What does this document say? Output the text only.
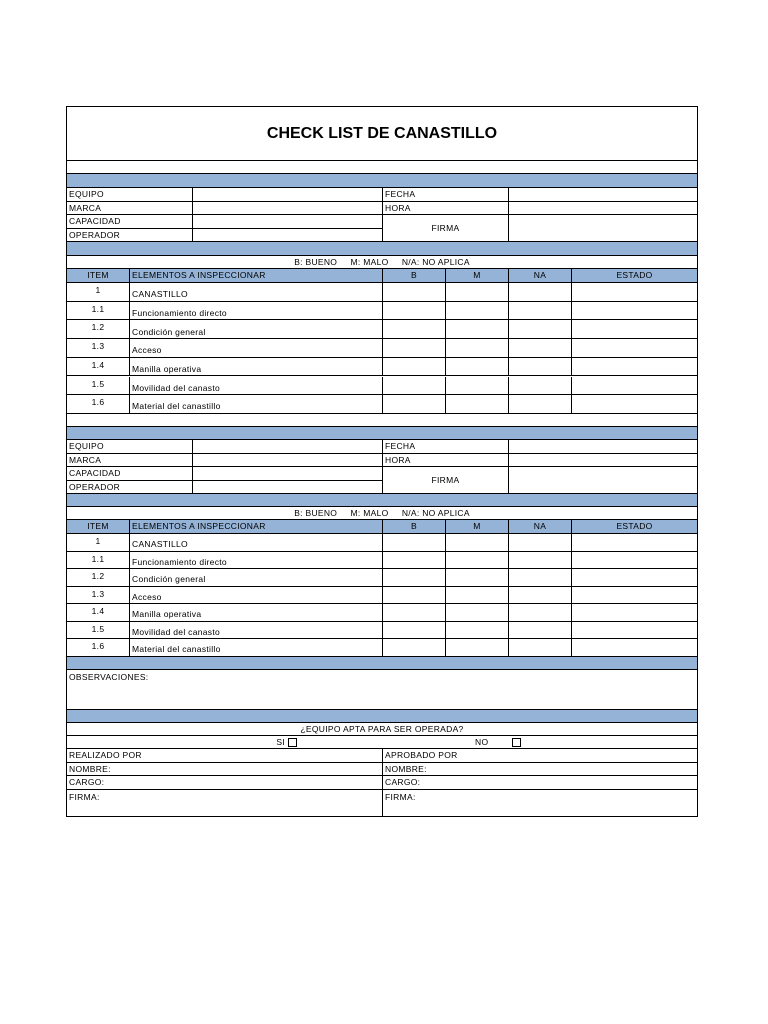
CHECK LIST DE CANASTILLO
EQUIPO	FECHA
MARCA	HORA
CAPACIDAD
OPERADOR
FIRMA
B: BUENO     M: MALO     N/A: NO APLICA
ITEM	ELEMENTOS A INSPECCIONAR	B	M	NA	ESTADO
1	CANASTILLO
1.1	Funcionamiento directo
1.2	Condición general
1.3	Acceso
1.4	Manilla operativa
1.5	Movilidad del canasto
1.6	Material del canastillo
EQUIPO	FECHA
MARCA	HORA
CAPACIDAD
OPERADOR
FIRMA
B: BUENO     M: MALO     N/A: NO APLICA
ITEM	ELEMENTOS A INSPECCIONAR	B	M	NA	ESTADO
1	CANASTILLO
1.1	Funcionamiento directo
1.2	Condición general
1.3	Acceso
1.4	Manilla operativa
1.5	Movilidad del canasto
1.6	Material del canastillo
OBSERVACIONES:
¿EQUIPO APTA PARA SER OPERADA?
SI	NO
REALIZADO POR	APROBADO POR
NOMBRE:	NOMBRE:
CARGO:	CARGO:
FIRMA:	FIRMA:
